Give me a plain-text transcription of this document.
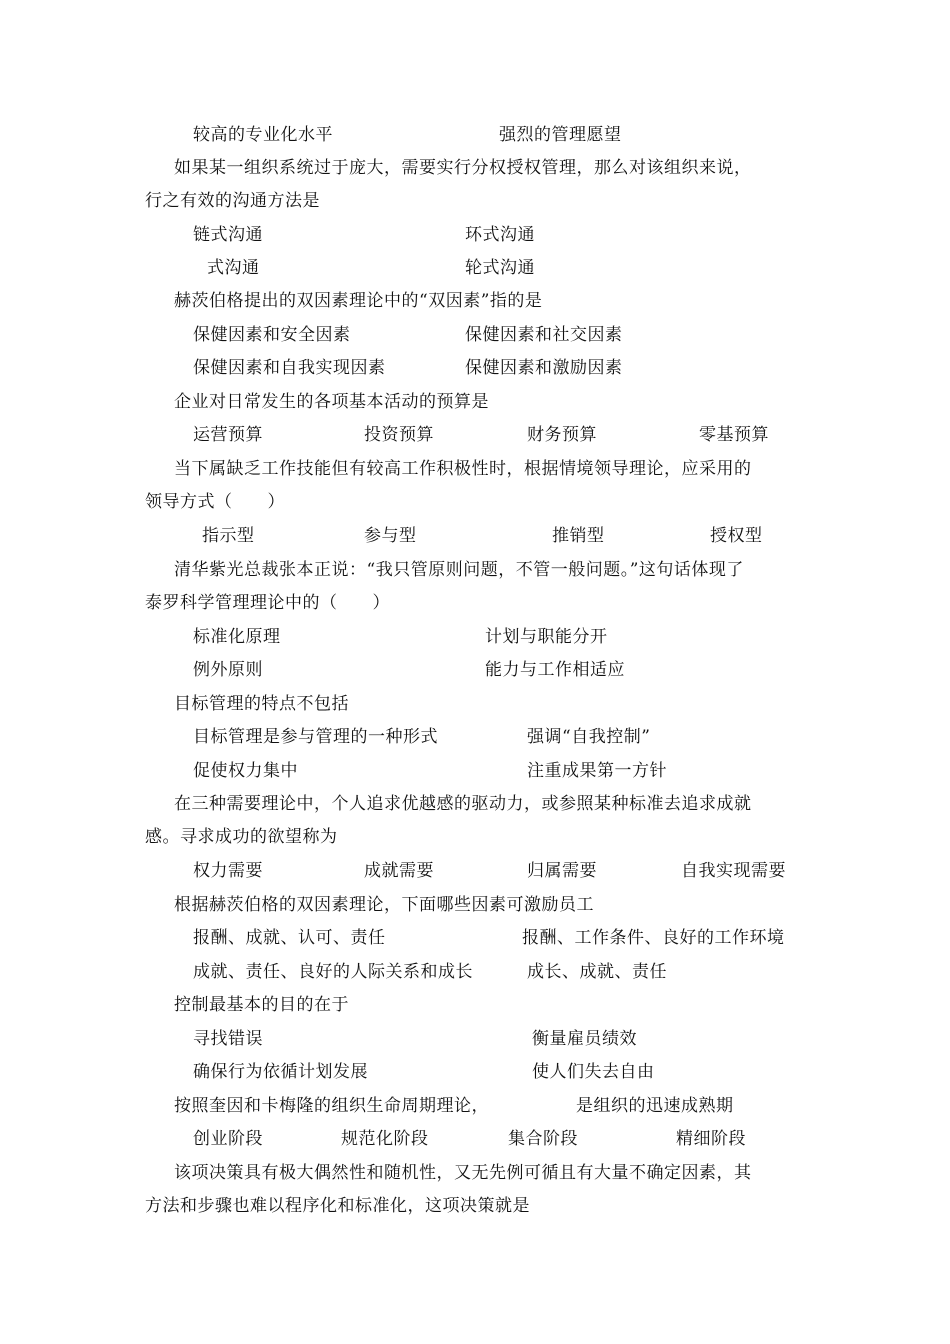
较高的专业化水平	强烈的管理愿望
如果某一组织系统过于庞大，需要实行分权授权管理，那么对该组织来说，
行之有效的沟通方法是
链式沟通	环式沟通
式沟通	轮式沟通
赫茨伯格提出的双因素理论中的“双因素”指的是
保健因素和安全因素	保健因素和社交因素
保健因素和自我实现因素	保健因素和激励因素
企业对日常发生的各项基本活动的预算是
运营预算	投资预算	财务预算	零基预算
当下属缺乏工作技能但有较高工作积极性时，根据情境领导理论，应采用的
领导方式（　　）
指示型	参与型	推销型	授权型
清华紫光总裁张本正说：“我只管原则问题，不管一般问题。”这句话体现了
泰罗科学管理理论中的（　　）
标准化原理	计划与职能分开
例外原则	能力与工作相适应
目标管理的特点不包括
目标管理是参与管理的一种形式	强调“自我控制”
促使权力集中	注重成果第一方针
在三种需要理论中，个人追求优越感的驱动力，或参照某种标准去追求成就
感。寻求成功的欲望称为
权力需要	成就需要	归属需要	自我实现需要
根据赫茨伯格的双因素理论，下面哪些因素可激励员工
报酬、成就、认可、责任	报酬、工作条件、良好的工作环境
成就、责任、良好的人际关系和成长	成长、成就、责任
控制最基本的目的在于
寻找错误	衡量雇员绩效
确保行为依循计划发展	使人们失去自由
按照奎因和卡梅隆的组织生命周期理论，	是组织的迅速成熟期
创业阶段	规范化阶段	集合阶段	精细阶段
该项决策具有极大偶然性和随机性，又无先例可循且有大量不确定因素，其
方法和步骤也难以程序化和标准化，这项决策就是
